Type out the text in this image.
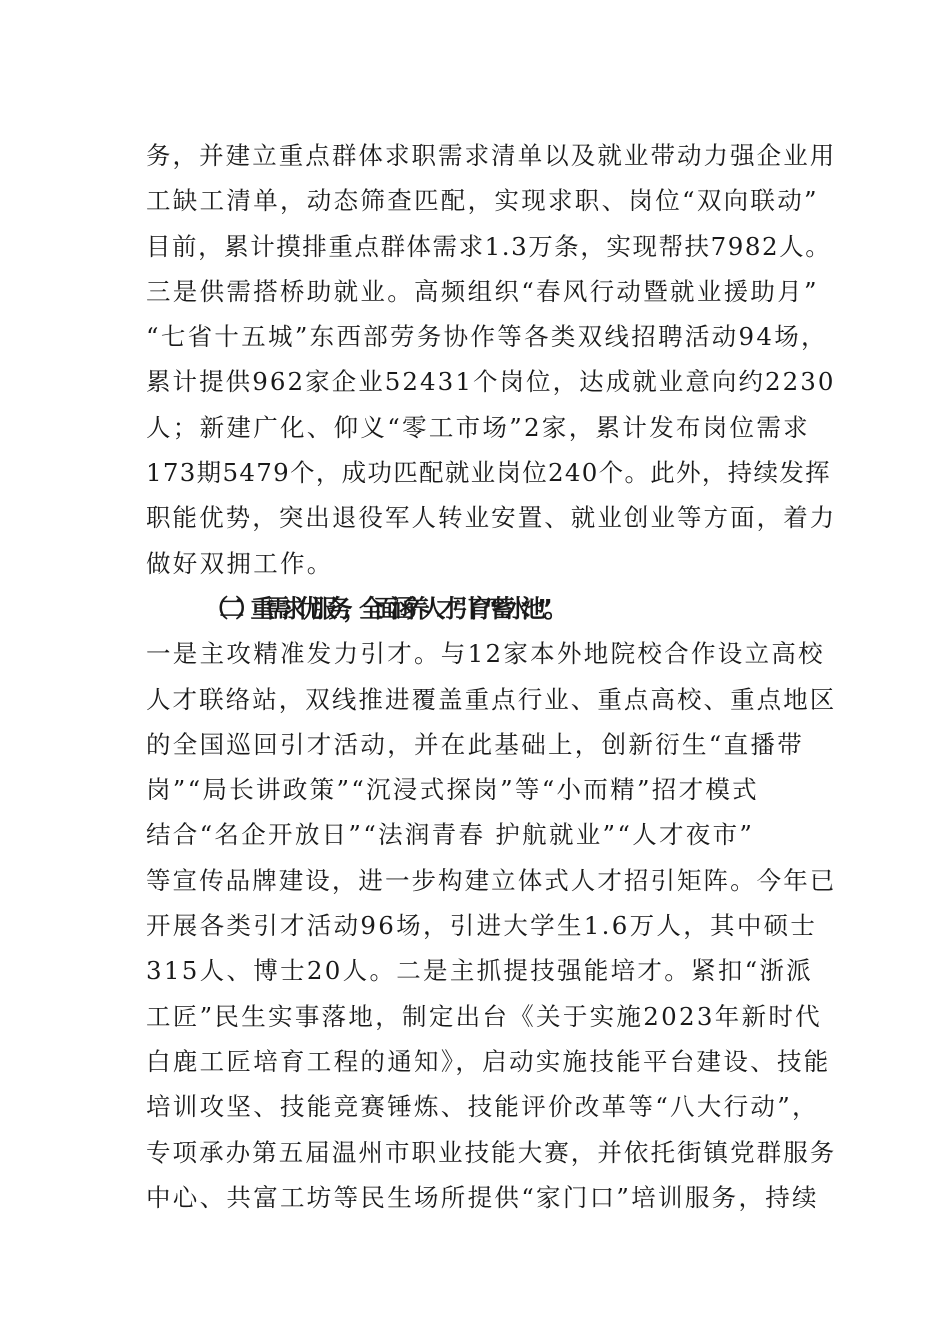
务，并建立重点群体求职需求清单以及就业带动力强企业用
工缺工清单，动态筛查匹配，实现求职、岗位“双向联动”
目前，累计摸排重点群体需求1.3万条，实现帮扶7982人。
三是供需搭桥助就业。高频组织“春风行动暨就业援助月”
“七省十五城”东西部劳务协作等各类双线招聘活动94场，
累计提供962家企业52431个岗位，达成就业意向约2230
人；新建广化、仰义“零工市场”2家，累计发布岗位需求
173期5479个，成功匹配就业岗位240个。此外，持续发挥
职能优势，突出退役军人转业安置、就业创业等方面，着力
做好双拥工作。
（二）重需求优服务，全面涵养人才引育“蓄水池”。
一是主攻精准发力引才。与12家本外地院校合作设立高校
人才联络站，双线推进覆盖重点行业、重点高校、重点地区
的全国巡回引才活动，并在此基础上，创新衍生“直播带
岗”“局长讲政策”“沉浸式探岗”等“小而精”招才模式
结合“名企开放日”“法润青春 护航就业”“人才夜市”
等宣传品牌建设，进一步构建立体式人才招引矩阵。今年已
开展各类引才活动96场，引进大学生1.6万人，其中硕士
315人、博士20人。二是主抓提技强能培才。紧扣“浙派
工匠”民生实事落地，制定出台《关于实施2023年新时代
白鹿工匠培育工程的通知》，启动实施技能平台建设、技能
培训攻坚、技能竞赛锤炼、技能评价改革等“八大行动”，
专项承办第五届温州市职业技能大赛，并依托街镇党群服务
中心、共富工坊等民生场所提供“家门口”培训服务，持续
